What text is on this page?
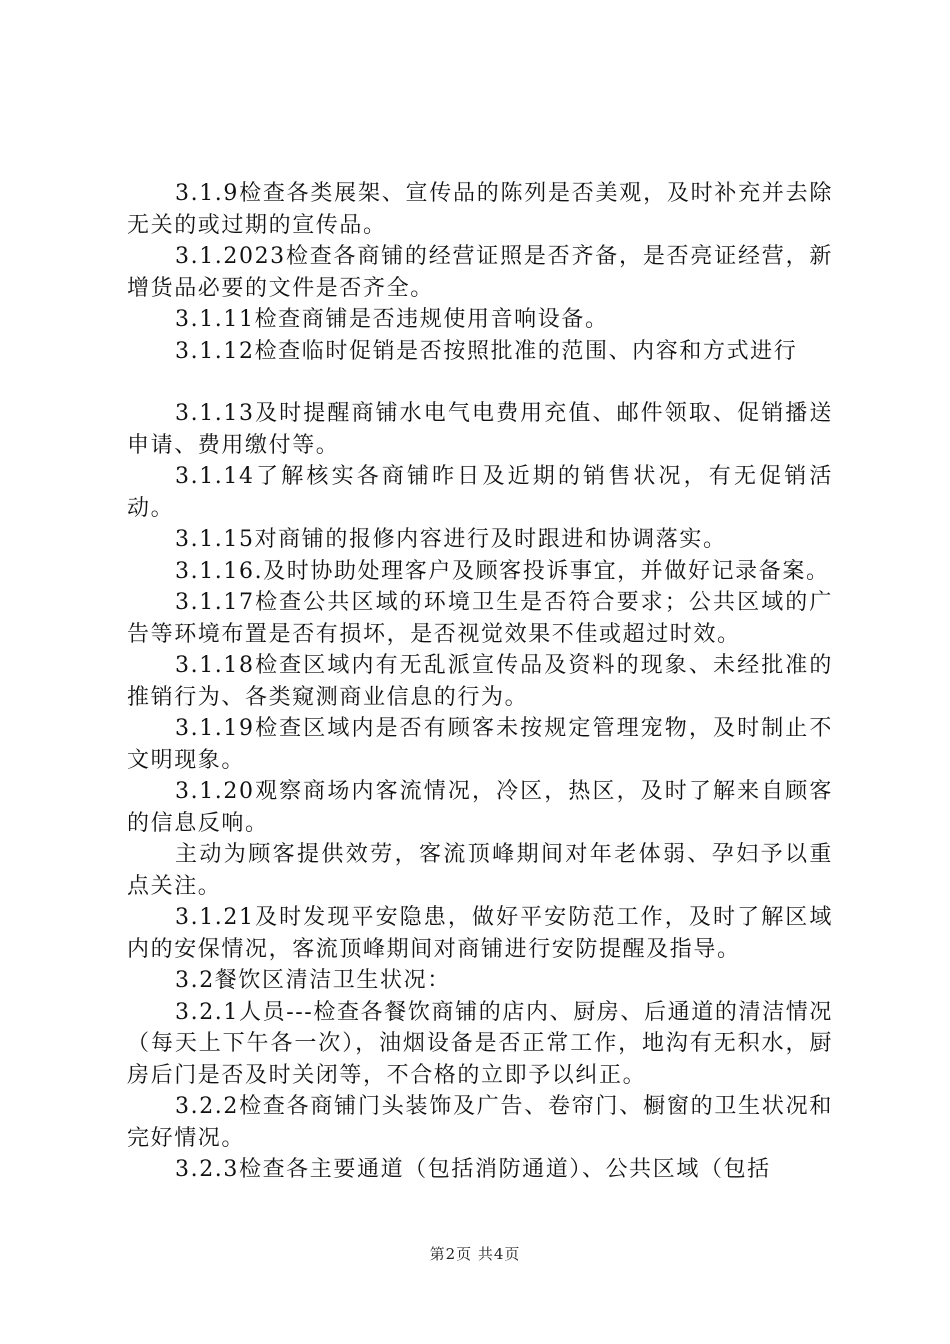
3.1.9检查各类展架、宣传品的陈列是否美观，及时补充并去除无关的或过期的宣传品。

3.1.2023检查各商铺的经营证照是否齐备，是否亮证经营，新增货品必要的文件是否齐全。

3.1.11检查商铺是否违规使用音响设备。

3.1.12检查临时促销是否按照批准的范围、内容和方式进行

3.1.13及时提醒商铺水电气电费用充值、邮件领取、促销播送申请、费用缴付等。

3.1.14了解核实各商铺昨日及近期的销售状况，有无促销活动。

3.1.15对商铺的报修内容进行及时跟进和协调落实。

3.1.16.及时协助处理客户及顾客投诉事宜，并做好记录备案。

3.1.17检查公共区域的环境卫生是否符合要求；公共区域的广告等环境布置是否有损坏，是否视觉效果不佳或超过时效。

3.1.18检查区域内有无乱派宣传品及资料的现象、未经批准的推销行为、各类窥测商业信息的行为。

3.1.19检查区域内是否有顾客未按规定管理宠物，及时制止不文明现象。

3.1.20观察商场内客流情况，冷区，热区，及时了解来自顾客的信息反响。

主动为顾客提供效劳，客流顶峰期间对年老体弱、孕妇予以重点关注。

3.1.21及时发现平安隐患，做好平安防范工作，及时了解区域内的安保情况，客流顶峰期间对商铺进行安防提醒及指导。

3.2餐饮区清洁卫生状况：

3.2.1人员---检查各餐饮商铺的店内、厨房、后通道的清洁情况（每天上下午各一次），油烟设备是否正常工作，地沟有无积水，厨房后门是否及时关闭等，不合格的立即予以纠正。

3.2.2检查各商铺门头装饰及广告、卷帘门、橱窗的卫生状况和完好情况。

3.2.3检查各主要通道（包括消防通道）、公共区域（包括

第2页 共4页
